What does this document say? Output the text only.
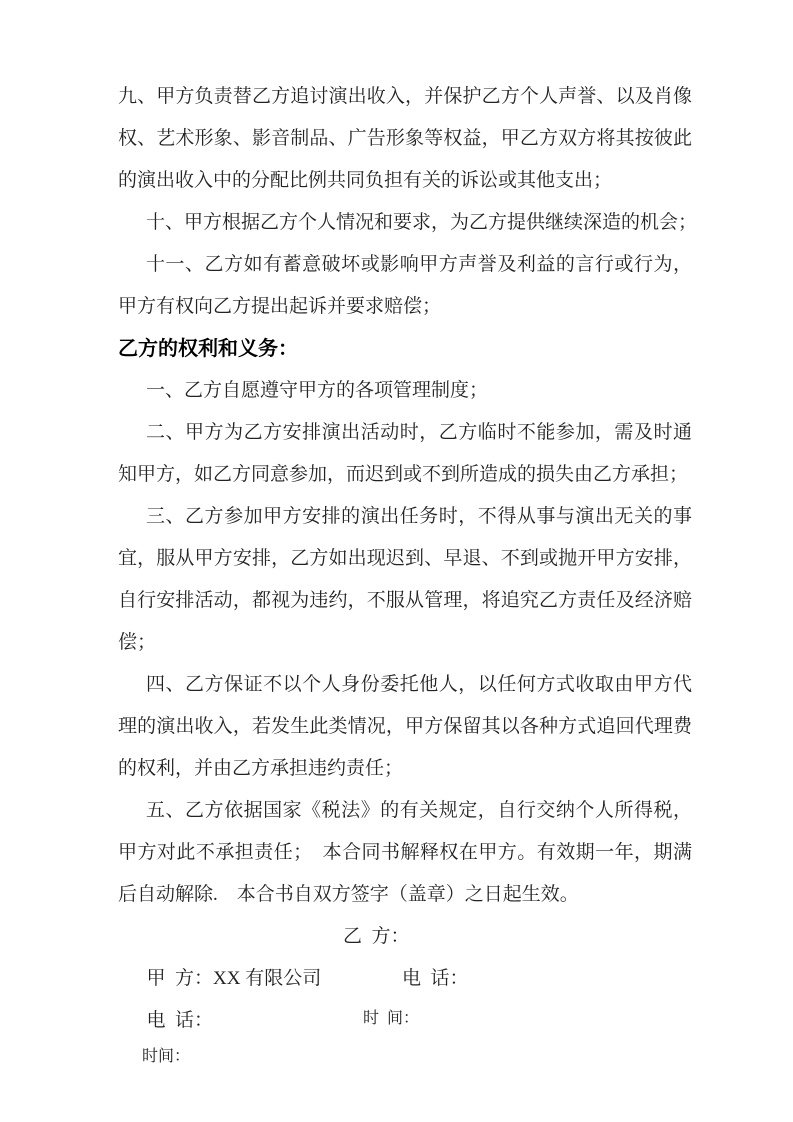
九、甲方负责替乙方追讨演出收入，并保护乙方个人声誉、以及肖像
权、艺术形象、影音制品、广告形象等权益，甲乙方双方将其按彼此
的演出收入中的分配比例共同负担有关的诉讼或其他支出；
十、甲方根据乙方个人情况和要求，为乙方提供继续深造的机会；
十一、乙方如有蓄意破坏或影响甲方声誉及利益的言行或行为，
甲方有权向乙方提出起诉并要求赔偿；
乙方的权利和义务：
一、乙方自愿遵守甲方的各项管理制度；
二、甲方为乙方安排演出活动时，乙方临时不能参加，需及时通
知甲方，如乙方同意参加，而迟到或不到所造成的损失由乙方承担；
三、乙方参加甲方安排的演出任务时，不得从事与演出无关的事
宜，服从甲方安排，乙方如出现迟到、早退、不到或抛开甲方安排，
自行安排活动，都视为违约，不服从管理，将追究乙方责任及经济赔
偿；
四、乙方保证不以个人身份委托他人，以任何方式收取由甲方代
理的演出收入，若发生此类情况，甲方保留其以各种方式追回代理费
的权利，并由乙方承担违约责任；
五、乙方依据国家《税法》的有关规定，自行交纳个人所得税，
甲方对此不承担责任；　本合同书解释权在甲方。有效期一年，期满
后自动解除.　本合书自双方签字（盖章）之日起生效。

甲  方：XX 有限公司

乙  方：

电  话：

电  话：

时间：

时  间：
